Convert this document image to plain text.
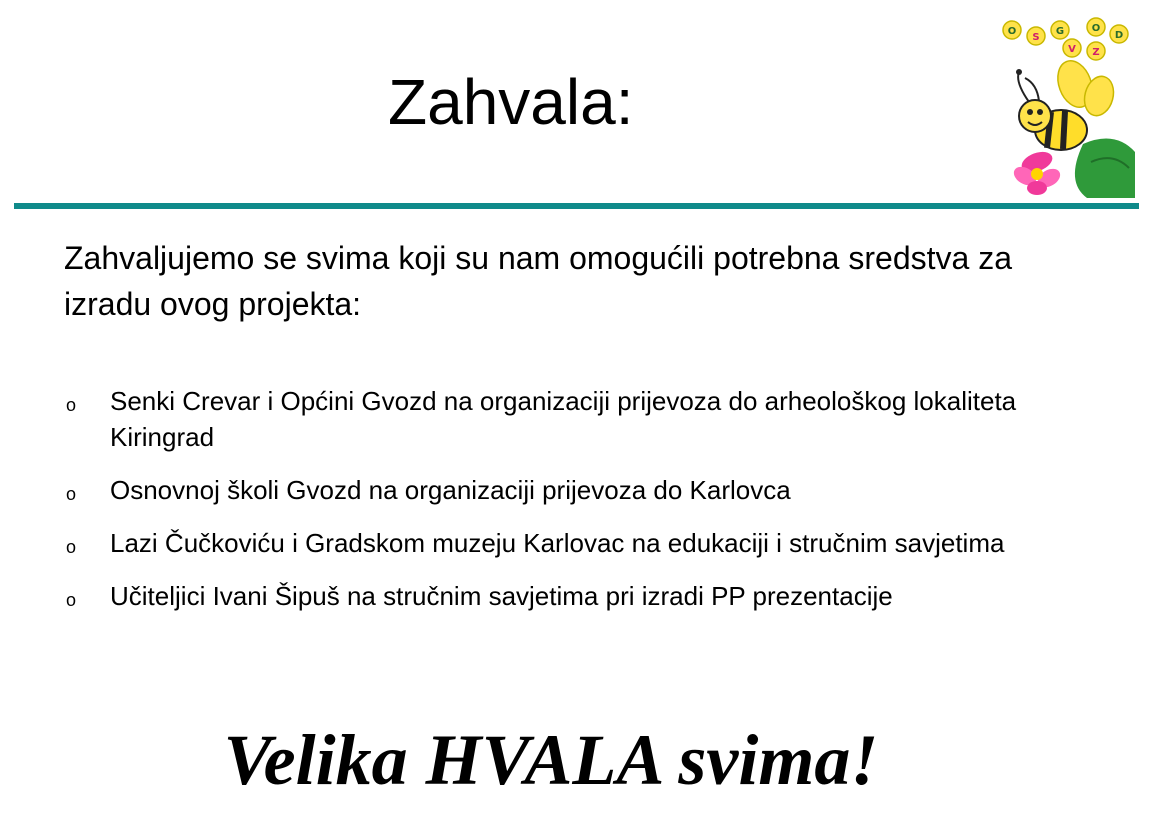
O
S
G
V
O
Z
D
Zahvala:

Zahvaljujemo se svima koji su nam omogućili potrebna sredstva za izradu ovog projekta:

o Senki Crevar i Općini Gvozd na organizaciji prijevoza do arheološkog lokaliteta Kiringrad
o Osnovnoj školi Gvozd na organizaciji prijevoza do Karlovca
o Lazi Čučkoviću i Gradskom muzeju Karlovac na edukaciji i stručnim savjetima
o Učiteljici Ivani Šipuš na stručnim savjetima pri izradi PP prezentacije

Velika HVALA svima!
